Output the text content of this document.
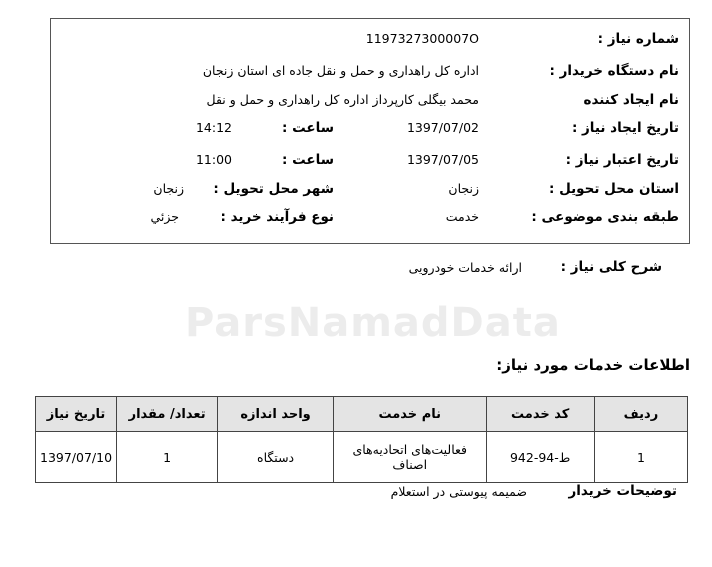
ParsNamadData
شماره نیاز :
1197327300007O
نام دستگاه خریدار :
اداره کل راهداری و حمل و نقل جاده ای استان زنجان
نام ایجاد کننده
محمد بیگلی کارپرداز اداره کل راهداری و حمل و نقل
تاریخ ایجاد نیاز :
1397/07/02
ساعت :
14:12
تاریخ اعتبار نیاز :
1397/07/05
ساعت :
11:00
استان محل تحویل :
زنجان
شهر محل تحویل :
زنجان
طبقه بندی موضوعی :
خدمت
نوع فرآیند خرید :
جزئي
شرح کلی نیاز :
ارائه خدمات خودرويی
اطلاعات خدمات مورد نیاز:
ردیف	کد خدمت	نام خدمت	واحد اندازه	تعداد/ مقدار	تاریخ نیاز
1	ط-94-942	فعالیت‌های اتحادیه‌های اصناف	دستگاه	1	1397/07/10
توضیحات خریدار
ضمیمه پیوستی در استعلام
